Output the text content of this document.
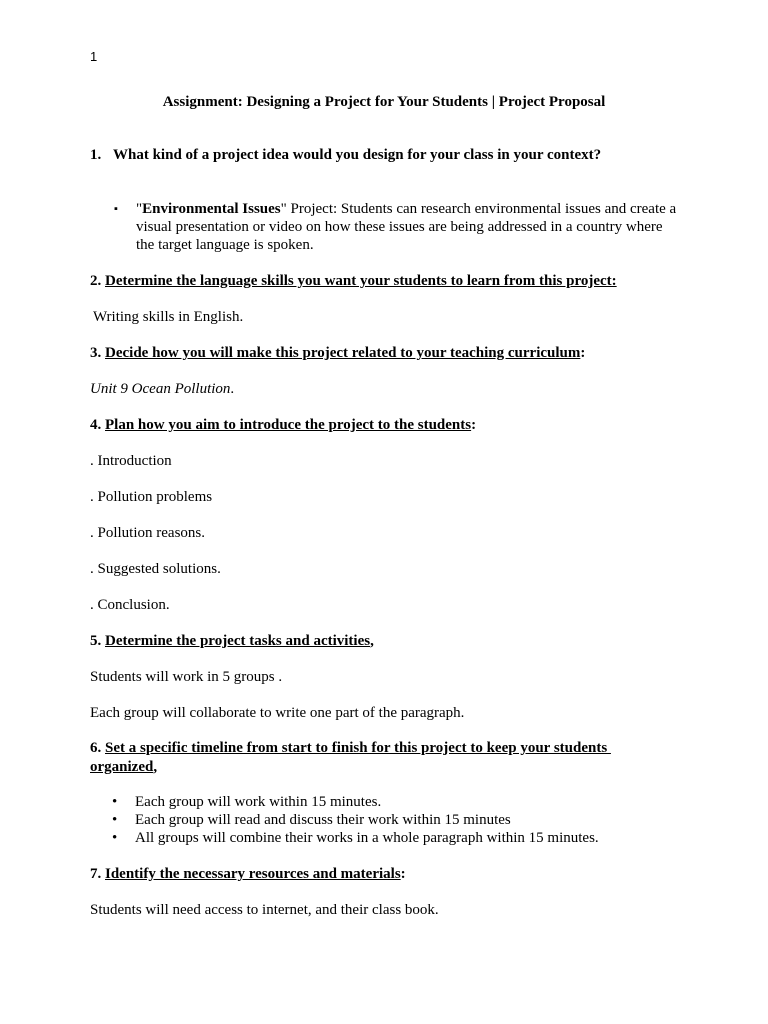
1
Assignment: Designing a Project for Your Students | Project Proposal
1. What kind of a project idea would you design for your class in your context?
▪ "Environmental Issues" Project: Students can research environmental issues and create a visual presentation or video on how these issues are being addressed in a country where the target language is spoken.
2. Determine the language skills you want your students to learn from this project:
Writing skills in English.
3. Decide how you will make this project related to your teaching curriculum:
Unit 9 Ocean Pollution.
4. Plan how you aim to introduce the project to the students:
. Introduction
. Pollution problems
. Pollution reasons.
. Suggested solutions.
. Conclusion.
5. Determine the project tasks and activities,
Students will work in 5 groups .
Each group will collaborate to write one part of the paragraph.
6. Set a specific timeline from start to finish for this project to keep your students
organized,
• Each group will work within 15 minutes.
• Each group will read and discuss their work within 15 minutes
• All groups will combine their works in a whole paragraph within 15 minutes.
7. Identify the necessary resources and materials:
Students will need access to internet, and their class book.
